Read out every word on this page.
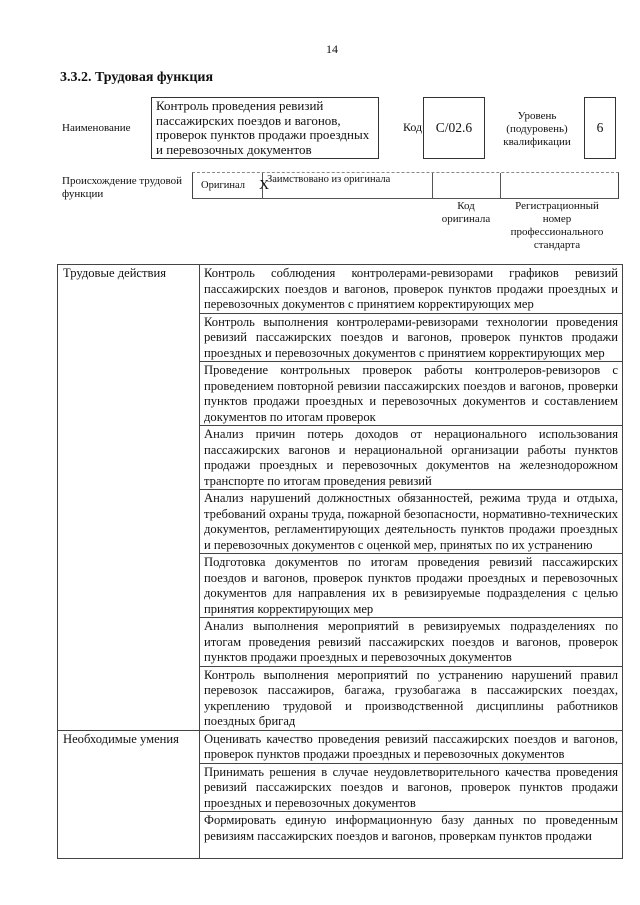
14
3.3.2. Трудовая функция
Наименование
Контроль проведения ревизий пассажирских поездов и вагонов, проверок пунктов продажи проездных и перевозочных документов
Код	С/02.6
Уровень (подуровень) квалификации
6
Происхождение трудовой функции
Оригинал X
Заимствовано из оригинала
Код оригинала
Регистрационный номер профессионального стандарта
Трудовые действия	Контроль соблюдения контролерами-ревизорами графиков ревизий пассажирских поездов и вагонов, проверок пунктов продажи проездных и перевозочных документов с принятием корректирующих мер

	Контроль выполнения контролерами-ревизорами технологии проведения ревизий пассажирских поездов и вагонов, проверок пунктов продажи проездных и перевозочных документов с принятием корректирующих мер

	Проведение контрольных проверок работы контролеров-ревизоров с проведением повторной ревизии пассажирских поездов и вагонов, проверки пунктов продажи проездных и перевозочных документов и составлением документов по итогам проверок

	Анализ причин потерь доходов от нерационального использования пассажирских вагонов и нерациональной организации работы пунктов продажи проездных и перевозочных документов на железнодорожном транспорте по итогам проведения ревизий

	Анализ нарушений должностных обязанностей, режима труда и отдыха, требований охраны труда, пожарной безопасности, нормативно-технических документов, регламентирующих деятельность пунктов продажи проездных и перевозочных документов с оценкой мер, принятых по их устранению

	Подготовка документов по итогам проведения ревизий пассажирских поездов и вагонов, проверок пунктов продажи проездных и перевозочных документов для направления их в ревизируемые подразделения с целью принятия корректирующих мер

	Анализ выполнения мероприятий в ревизируемых подразделениях по итогам проведения ревизий пассажирских поездов и вагонов, проверок пунктов продажи проездных и перевозочных документов

	Контроль выполнения мероприятий по устранению нарушений правил перевозок пассажиров, багажа, грузобагажа в пассажирских поездах, укреплению трудовой и производственной дисциплины работников поездных бригад

Необходимые умения	Оценивать качество проведения ревизий пассажирских поездов и вагонов, проверок пунктов продажи проездных и перевозочных документов

	Принимать решения в случае неудовлетворительного качества проведения ревизий пассажирских поездов и вагонов, проверок пунктов продажи проездных и перевозочных документов

	Формировать единую информационную базу данных по проведенным ревизиям пассажирских поездов и вагонов, проверкам пунктов продажи
